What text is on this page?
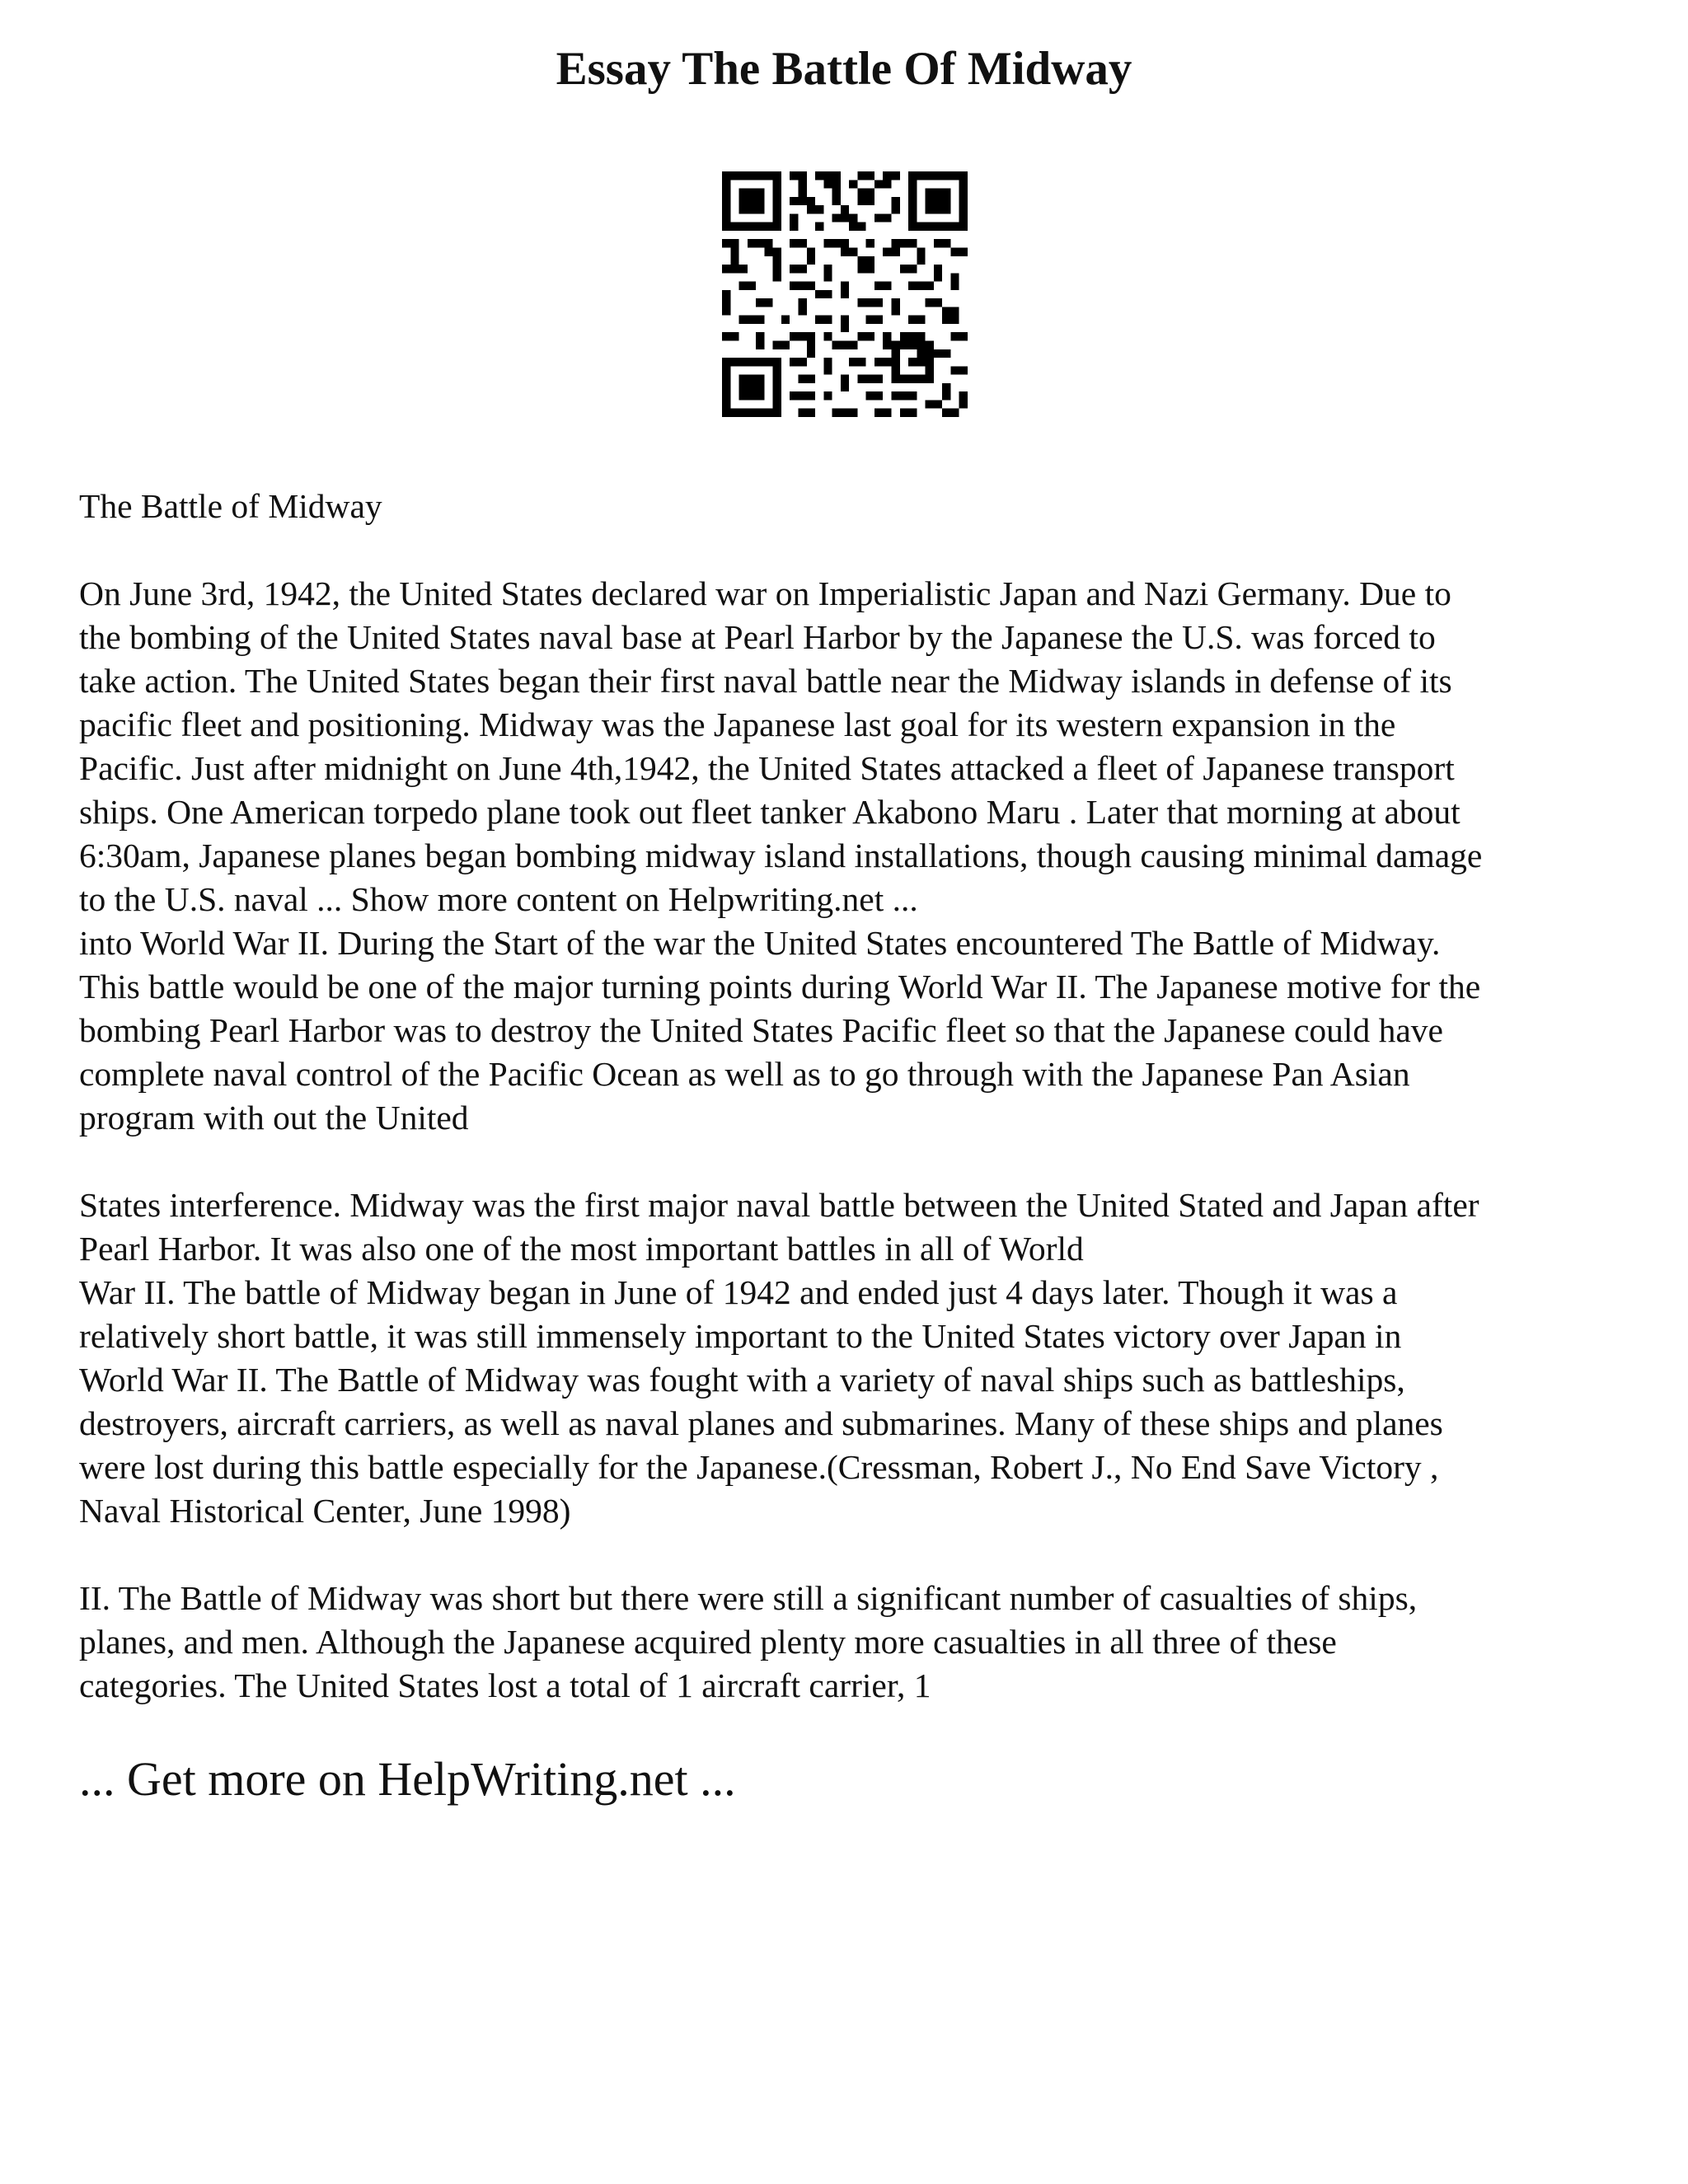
Essay The Battle Of Midway

The Battle of Midway

On June 3rd, 1942, the United States declared war on Imperialistic Japan and Nazi Germany. Due to
the bombing of the United States naval base at Pearl Harbor by the Japanese the U.S. was forced to
take action. The United States began their first naval battle near the Midway islands in defense of its
pacific fleet and positioning. Midway was the Japanese last goal for its western expansion in the
Pacific. Just after midnight on June 4th,1942, the United States attacked a fleet of Japanese transport
ships. One American torpedo plane took out fleet tanker Akabono Maru . Later that morning at about
6:30am, Japanese planes began bombing midway island installations, though causing minimal damage
to the U.S. naval ... Show more content on Helpwriting.net ...
into World War II. During the Start of the war the United States encountered The Battle of Midway.
This battle would be one of the major turning points during World War II. The Japanese motive for the
bombing Pearl Harbor was to destroy the United States Pacific fleet so that the Japanese could have
complete naval control of the Pacific Ocean as well as to go through with the Japanese Pan Asian
program with out the United

States interference. Midway was the first major naval battle between the United Stated and Japan after
Pearl Harbor. It was also one of the most important battles in all of World
War II. The battle of Midway began in June of 1942 and ended just 4 days later. Though it was a
relatively short battle, it was still immensely important to the United States victory over Japan in
World War II. The Battle of Midway was fought with a variety of naval ships such as battleships,
destroyers, aircraft carriers, as well as naval planes and submarines. Many of these ships and planes
were lost during this battle especially for the Japanese.(Cressman, Robert J., No End Save Victory ,
Naval Historical Center, June 1998)

II. The Battle of Midway was short but there were still a significant number of casualties of ships,
planes, and men. Although the Japanese acquired plenty more casualties in all three of these
categories. The United States lost a total of 1 aircraft carrier, 1

... Get more on HelpWriting.net ...
